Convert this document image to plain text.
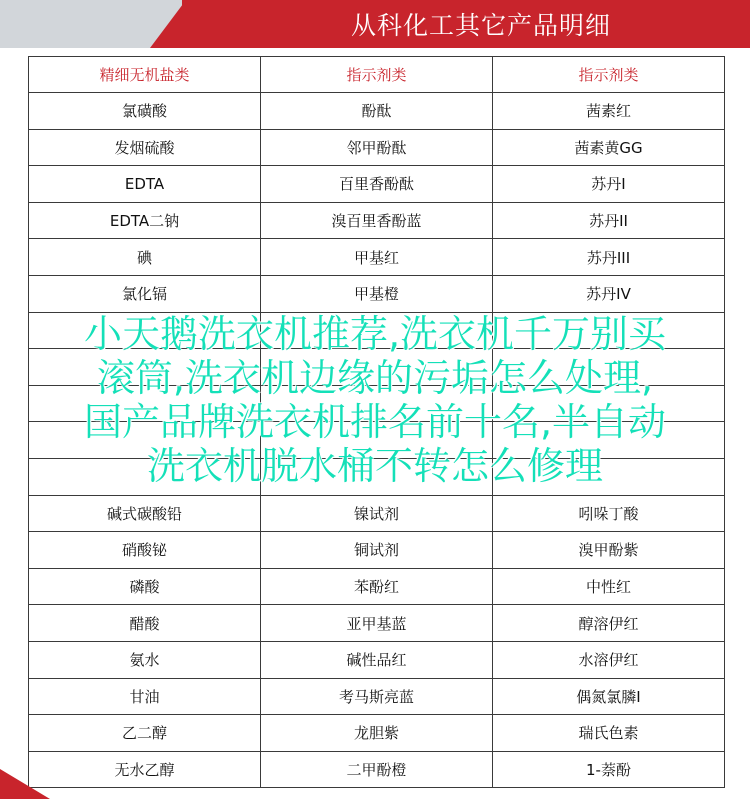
从科化工其它产品明细
精细无机盐类	指示剂类	指示剂类
氯磺酸	酚酞	茜素红
发烟硫酸	邻甲酚酞	茜素黄GG
EDTA	百里香酚酞	苏丹I
EDTA二钠	溴百里香酚蓝	苏丹II
碘	甲基红	苏丹III
氯化镉	甲基橙	苏丹IV

碱式碳酸铅	镍试剂	吲哚丁酸
硝酸铋	铜试剂	溴甲酚紫
磷酸	苯酚红	中性红
醋酸	亚甲基蓝	醇溶伊红
氨水	碱性品红	水溶伊红
甘油	考马斯亮蓝	偶氮氯膦I
乙二醇	龙胆紫	瑞氏色素
无水乙醇	二甲酚橙	1-萘酚
小天鹅洗衣机推荐,洗衣机千万别买
滚筒,洗衣机边缘的污垢怎么处理,
国产品牌洗衣机排名前十名,半自动
洗衣机脱水桶不转怎么修理
